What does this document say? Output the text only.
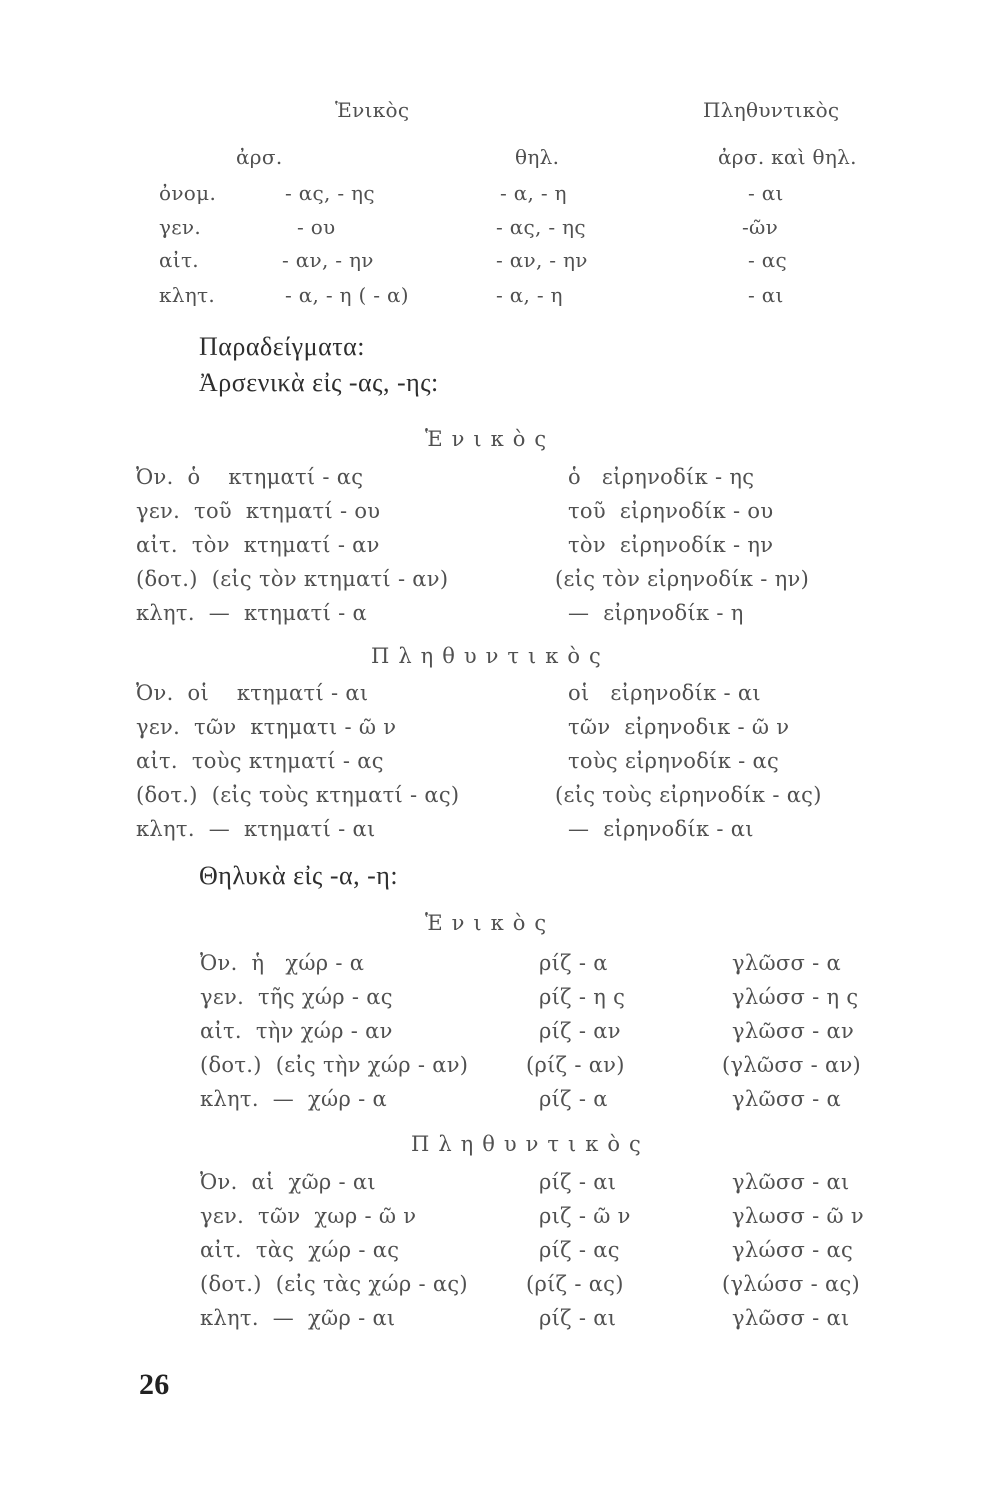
Ἑνικὸς	Πληθυντικὸς
ἀρσ.	θηλ.	ἀρσ. καὶ θηλ.
ὀνομ.	- ας, - ης	- α, - η	- αι
γεν.	- ου	- ας, - ης	-ῶν
αἰτ.	- αν, - ην	- αν, - ην	- ας
κλητ.	- α, - η ( - α)	- α, - η	- αι
Παραδείγματα:
Ἀρσενικὰ εἰς -ας, -ης:
Ἑνικὸς
Ὀν.  ὁ    κτηματί - ας	ὁ   εἰρηνοδίκ - ης
γεν.  τοῦ  κτηματί - ου	τοῦ  εἰρηνοδίκ - ου
αἰτ.  τὸν  κτηματί - αν	τὸν  εἰρηνοδίκ - ην
(δοτ.)  (εἰς τὸν κτηματί - αν)	(εἰς τὸν εἰρηνοδίκ - ην)
κλητ.  —  κτηματί - α	—  εἰρηνοδίκ - η
Πληθυντικὸς
Ὀν.  οἱ    κτηματί - αι	οἱ   εἰρηνοδίκ - αι
γεν.  τῶν  κτηματι - ῶ ν	τῶν  εἰρηνοδικ - ῶ ν
αἰτ.  τοὺς κτηματί - ας	τοὺς εἰρηνοδίκ - ας
(δοτ.)  (εἰς τοὺς κτηματί - ας)	(εἰς τοὺς εἰρηνοδίκ - ας)
κλητ.  —  κτηματί - αι	—  εἰρηνοδίκ - αι
Θηλυκὰ εἰς -α, -η:
Ἑνικὸς
Ὀν.  ἡ   χώρ - α	ρίζ - α	γλῶσσ - α
γεν.  τῆς χώρ - ας	ρίζ - η ς	γλώσσ - η ς
αἰτ.  τὴν χώρ - αν	ρίζ - αν	γλῶσσ - αν
(δοτ.)  (εἰς τὴν χώρ - αν)	(ρίζ - αν)	(γλῶσσ - αν)
κλητ.  —  χώρ - α	ρίζ - α	γλῶσσ - α
Πληθυντικὸς
Ὀν.  αἱ  χῶρ - αι	ρίζ - αι	γλῶσσ - αι
γεν.  τῶν  χωρ - ῶ ν	ριζ - ῶ ν	γλωσσ - ῶ ν
αἰτ.  τὰς  χώρ - ας	ρίζ - ας	γλώσσ - ας
(δοτ.)  (εἰς τὰς χώρ - ας)	(ρίζ - ας)	(γλώσσ - ας)
κλητ.  —  χῶρ - αι	ρίζ - αι	γλῶσσ - αι
26
